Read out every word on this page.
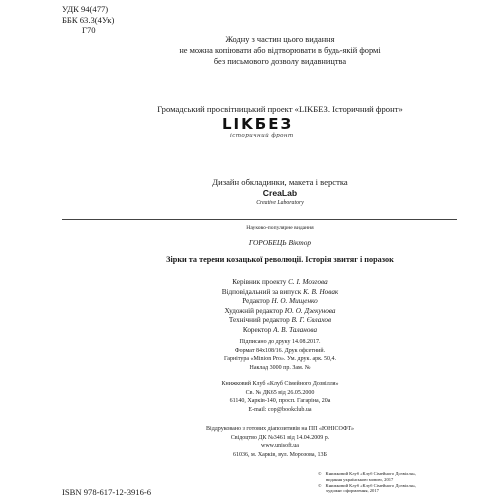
УДК 94(477)
ББК 63.3(4Ук)
Г70
Жодну з частин цього видання
не можна копіювати або відтворювати в будь-якій формі
без письмового дозволу видавництва
Громадський просвітницький проект «LIKБЕЗ. Історичний фронт»
LIKБЕЗ
історичний фронт
Дизайн обкладинки, макета і верстка
CreaLab
Creative Laboratory
Науково-популярне видання
ГОРОБЕЦЬ Віктор
Зірки та терени козацької революції. Історія звитяг і поразок
Керівник проекту С. І. Мозгова
Відповідальний за випуск К. В. Новак
Редактор Н. О. Мищенко
Художній редактор Ю. О. Дзекунова
Технічний редактор В. Г. Євлахов
Коректор А. В. Таланова
Підписано до друку 14.08.2017.
Формат 84х108/16. Друк офсетний.
Гарнітура «Minion Pro». Ум. друк. арк. 50,4.
Наклад 3000 пр. Зам. №
Книжковий Клуб «Клуб Сімейного Дозвілля»
Св. № ДК65 від 26.05.2000
61140, Харків-140, просп. Гагаріна, 20а
E-mail: cop@bookclub.ua
Віддруковано з готових діапозитивів на ПП «ЮНІСОФТ»
Свідоцтво ДК №3461 від 14.04.2009 р.
www.unisoft.ua
61036, м. Харків, вул. Морозова, 13Б
ISBN 978-617-12-3916-6
© Книжковий Клуб «Клуб Сімейного Дозвілля»,
видання українською мовою, 2017
© Книжковий Клуб «Клуб Сімейного Дозвілля»,
художнє оформлення, 2017
